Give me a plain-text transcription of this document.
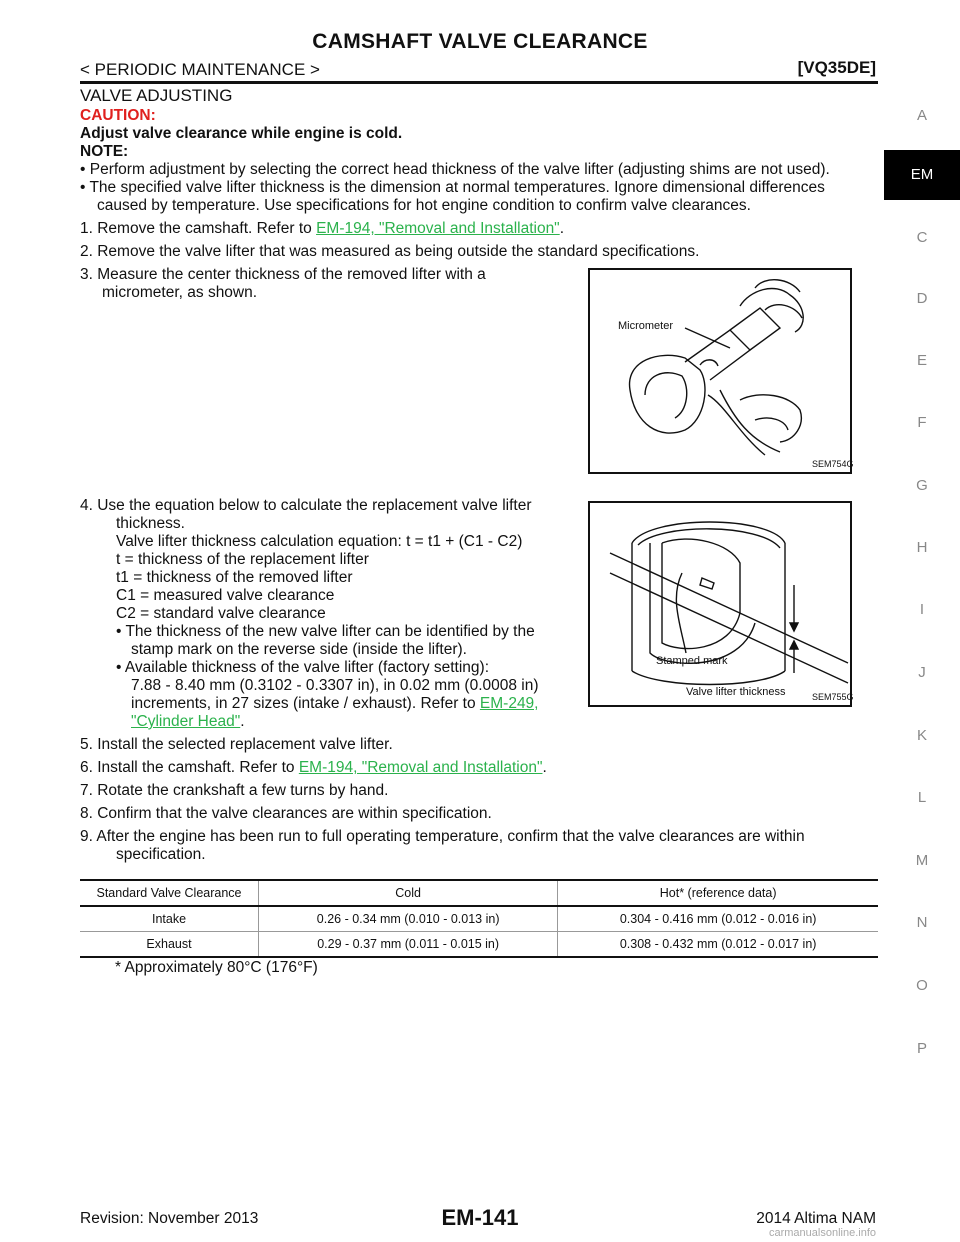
CAMSHAFT VALVE CLEARANCE
< PERIODIC MAINTENANCE >	[VQ35DE]
VALVE ADJUSTING
A
EM
C
D
E
F
G
H
I
J
K
L
M
N
O
P
CAUTION:
Adjust valve clearance while engine is cold.
NOTE:
• Perform adjustment by selecting the correct head thickness of the valve lifter (adjusting shims are not used).
• The specified valve lifter thickness is the dimension at normal temperatures. Ignore dimensional differences
caused by temperature. Use specifications for hot engine condition to confirm valve clearances.
1. Remove the camshaft. Refer to EM-194, "Removal and Installation".
2. Remove the valve lifter that was measured as being outside the standard specifications.
3. Measure the center thickness of the removed lifter with a
micrometer, as shown.
Micrometer
SEM754G
4. Use the equation below to calculate the replacement valve lifter
thickness.
Valve lifter thickness calculation equation: t = t1 + (C1 - C2)
t = thickness of the replacement lifter
t1 = thickness of the removed lifter
C1 = measured valve clearance
C2 = standard valve clearance
• The thickness of the new valve lifter can be identified by the
stamp mark on the reverse side (inside the lifter).
• Available thickness of the valve lifter (factory setting):
7.88 - 8.40 mm (0.3102 - 0.3307 in), in 0.02 mm (0.0008 in)
increments, in 27 sizes (intake / exhaust). Refer to EM-249,
"Cylinder Head".
Stamped mark
Valve lifter thickness	SEM755G
5. Install the selected replacement valve lifter.
6. Install the camshaft. Refer to EM-194, "Removal and Installation".
7. Rotate the crankshaft a few turns by hand.
8. Confirm that the valve clearances are within specification.
9. After the engine has been run to full operating temperature, confirm that the valve clearances are within
specification.
Standard Valve Clearance	Cold	Hot* (reference data)
Intake	0.26 - 0.34 mm (0.010 - 0.013 in)	0.304 - 0.416 mm (0.012 - 0.016 in)
Exhaust	0.29 - 0.37 mm (0.011 - 0.015 in)	0.308 - 0.432 mm (0.012 - 0.017 in)
* Approximately 80°C (176°F)
Revision: November 2013	EM-141	2014 Altima NAM
carmanualsonline.info
